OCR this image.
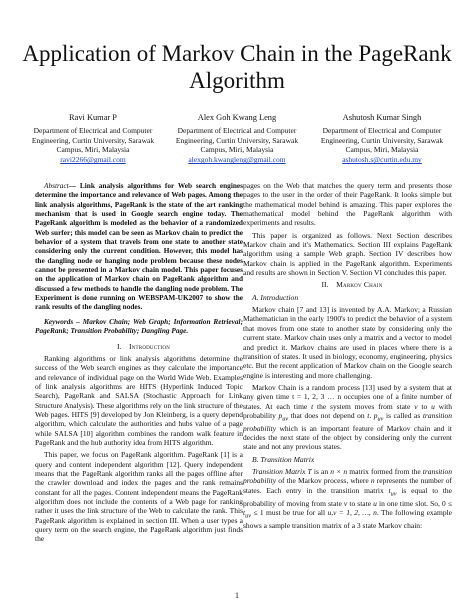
Application of Markov Chain in the PageRank Algorithm
Ravi Kumar P
Department of Electrical and Computer Engineering, Curtin University, Sarawak Campus, Miri, Malaysia
ravi2266@gmail.com
Alex Goh Kwang Leng
Department of Electrical and Computer Engineering, Curtin University, Sarawak Campus, Miri, Malaysia
alexgoh.kwangleng@gmail.com
Ashutosh Kumar Singh
Department of Electrical and Computer Engineering, Curtin University, Sarawak Campus, Miri, Malaysia
ashutosh.s@curtin.edu.my

Abstract— Link analysis algorithms for Web search engines determine the importance and relevance of Web pages. Among the link analysis algorithms, PageRank is the state of the art ranking mechanism that is used in Google search engine today. The PageRank algorithm is modeled as the behavior of a randomized Web surfer; this model can be seen as Markov chain to predict the behavior of a system that travels from one state to another state considering only the current condition. However, this model has the dangling node or hanging node problem because these nodes cannot be presented in a Markov chain model. This paper focuses on the application of Markov chain on PageRank algorithm and discussed a few methods to handle the dangling node problem. The Experiment is done running on WEBSPAM-UK2007 to show the rank results of the dangling nodes.

Keywords – Markov Chain; Web Graph; Information Retrieval; PageRank; Transition Probability; Dangling Page.

I. Introduction

Ranking algorithms or link analysis algorithms determine the success of the Web search engines as they calculate the importance and relevance of individual page on the World Wide Web. Examples of link analysis algorithms are HITS (Hyperlink Induced Topic Search), PageRank and SALSA (Stochastic Approach for Link Structure Analysis). These algorithms rely on the link structure of the Web pages. HITS [9] developed by Jon Kleinberg, is a query depend algorithm, which calculate the authorities and hubs value of a page while SALSA [10] algorithm combines the random walk feature in PageRank and the hub authority idea from HITS algorithm.

This paper, we focus on PageRank algorithm. PageRank [1] is a query and content independent algorithm [12]. Query independent means that the PageRank algorithm ranks all the pages offline after the crawler download and index the pages and the rank remains constant for all the pages. Content independent means the PageRank algorithm does not include the contents of a Web page for ranking rather it uses the link structure of the Web to calculate the rank. This PageRank algorithm is explained in section III. When a user types a query term on the search engine, the PageRank algorithm just finds the

pages on the Web that matches the query term and presents those pages to the user in the order of their PageRank. It looks simple but the mathematical model behind is amazing. This paper explores the mathematical model behind the PageRank algorithm with experiments and results.

This paper is organized as follows. Next Section describes Markov chain and it's Mathematics. Section III explains PageRank algorithm using a sample Web graph. Section IV describes how Markov chain is applied in the PageRank algorithm. Experiments and results are shown in Section V. Section VI concludes this paper.

II. Markov Chain

A. Introduction

Markov chain [7 and 13] is invented by A.A. Markov; a Russian Mathematician in the early 1900's to predict the behavior of a system that moves from one state to another state by considering only the current state. Markov chain uses only a matrix and a vector to model and predict it. Markov chains are used in places where there is a transition of states. It used in biology, economy, engineering, physics etc. But the recent application of Markov chain on the Google search engine is interesting and more challenging.

Markov Chain is a random process [13] used by a system that at any given time t = 1, 2, 3 … n occupies one of a finite number of states. At each time t the system moves from state v to u with probability $p_{uv}$ that does not depend on t. $p_{uv}$ is called as transition probability which is an important feature of Markov chain and it decides the next state of the object by considering only the current state and not any previous states.

B. Transition Matrix

Transition Matrix T is an n × n matrix formed from the transition probability of the Markov process, where n represents the number of states. Each entry in the transition matrix $t_{uv}$ is equal to the probability of moving from state v to state u in one time slot. So, $0 \le t_{uv} \le 1$ must be true for all u,v = 1, 2, …, n. The following example shows a sample transition matrix of a 3 state Markov chain:

1
